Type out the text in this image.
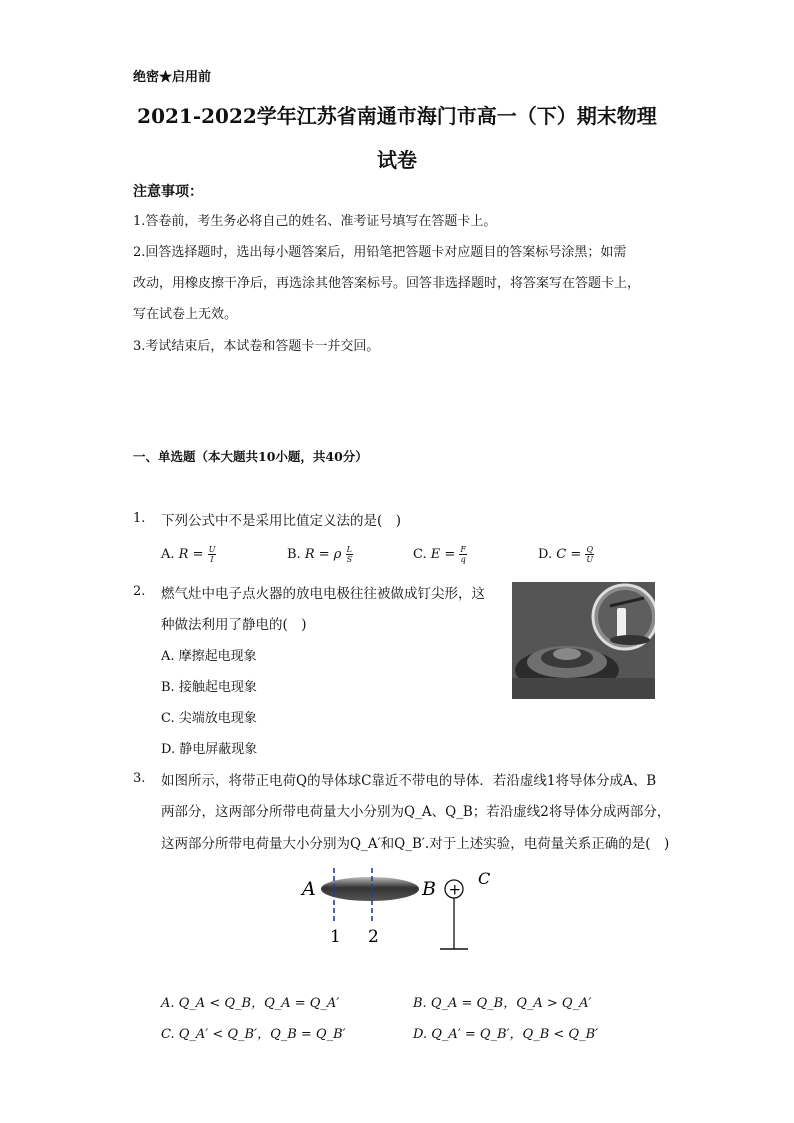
绝密★启用前
2021-2022学年江苏省南通市海门市高一（下）期末物理
试卷
注意事项：
1.答卷前，考生务必将自己的姓名、准考证号填写在答题卡上。
2.回答选择题时，选出每小题答案后，用铅笔把答题卡对应题目的答案标号涂黑；如需
改动，用橡皮擦干净后，再选涂其他答案标号。回答非选择题时，将答案写在答题卡上，
写在试卷上无效。
3.考试结束后，本试卷和答题卡一并交回。
一、单选题（本大题共10小题，共40分）
1. 下列公式中不是采用比值定义法的是(　)
A. $R = \frac{U}{I}$	B. R = ρ $\frac{L}{S}$	C. $E = \frac{F}{q}$	D. $C = \frac{Q}{U}$
2. 燃气灶中电子点火器的放电电极往往被做成钉尖形，这
种做法利用了静电的(　)
A. 摩擦起电现象
B. 接触起电现象
C. 尖端放电现象
D. 静电屏蔽现象
3. 如图所示，将带正电荷Q的导体球C靠近不带电的导体．若沿虚线1将导体分成A、B
两部分，这两部分所带电荷量大小分别为Q_A、Q_B；若沿虚线2将导体分成两部分，
这两部分所带电荷量大小分别为Q_A′和Q_B′.对于上述实验，电荷量关系正确的是(　)
A	B	C
1 2
+
A. Q_A < Q_B，Q_A = Q_A′	B. Q_A = Q_B，Q_A > Q_A′
C. Q_A′ < Q_B′，Q_B = Q_B′	D. Q_A′ = Q_B′，Q_B < Q_B′
